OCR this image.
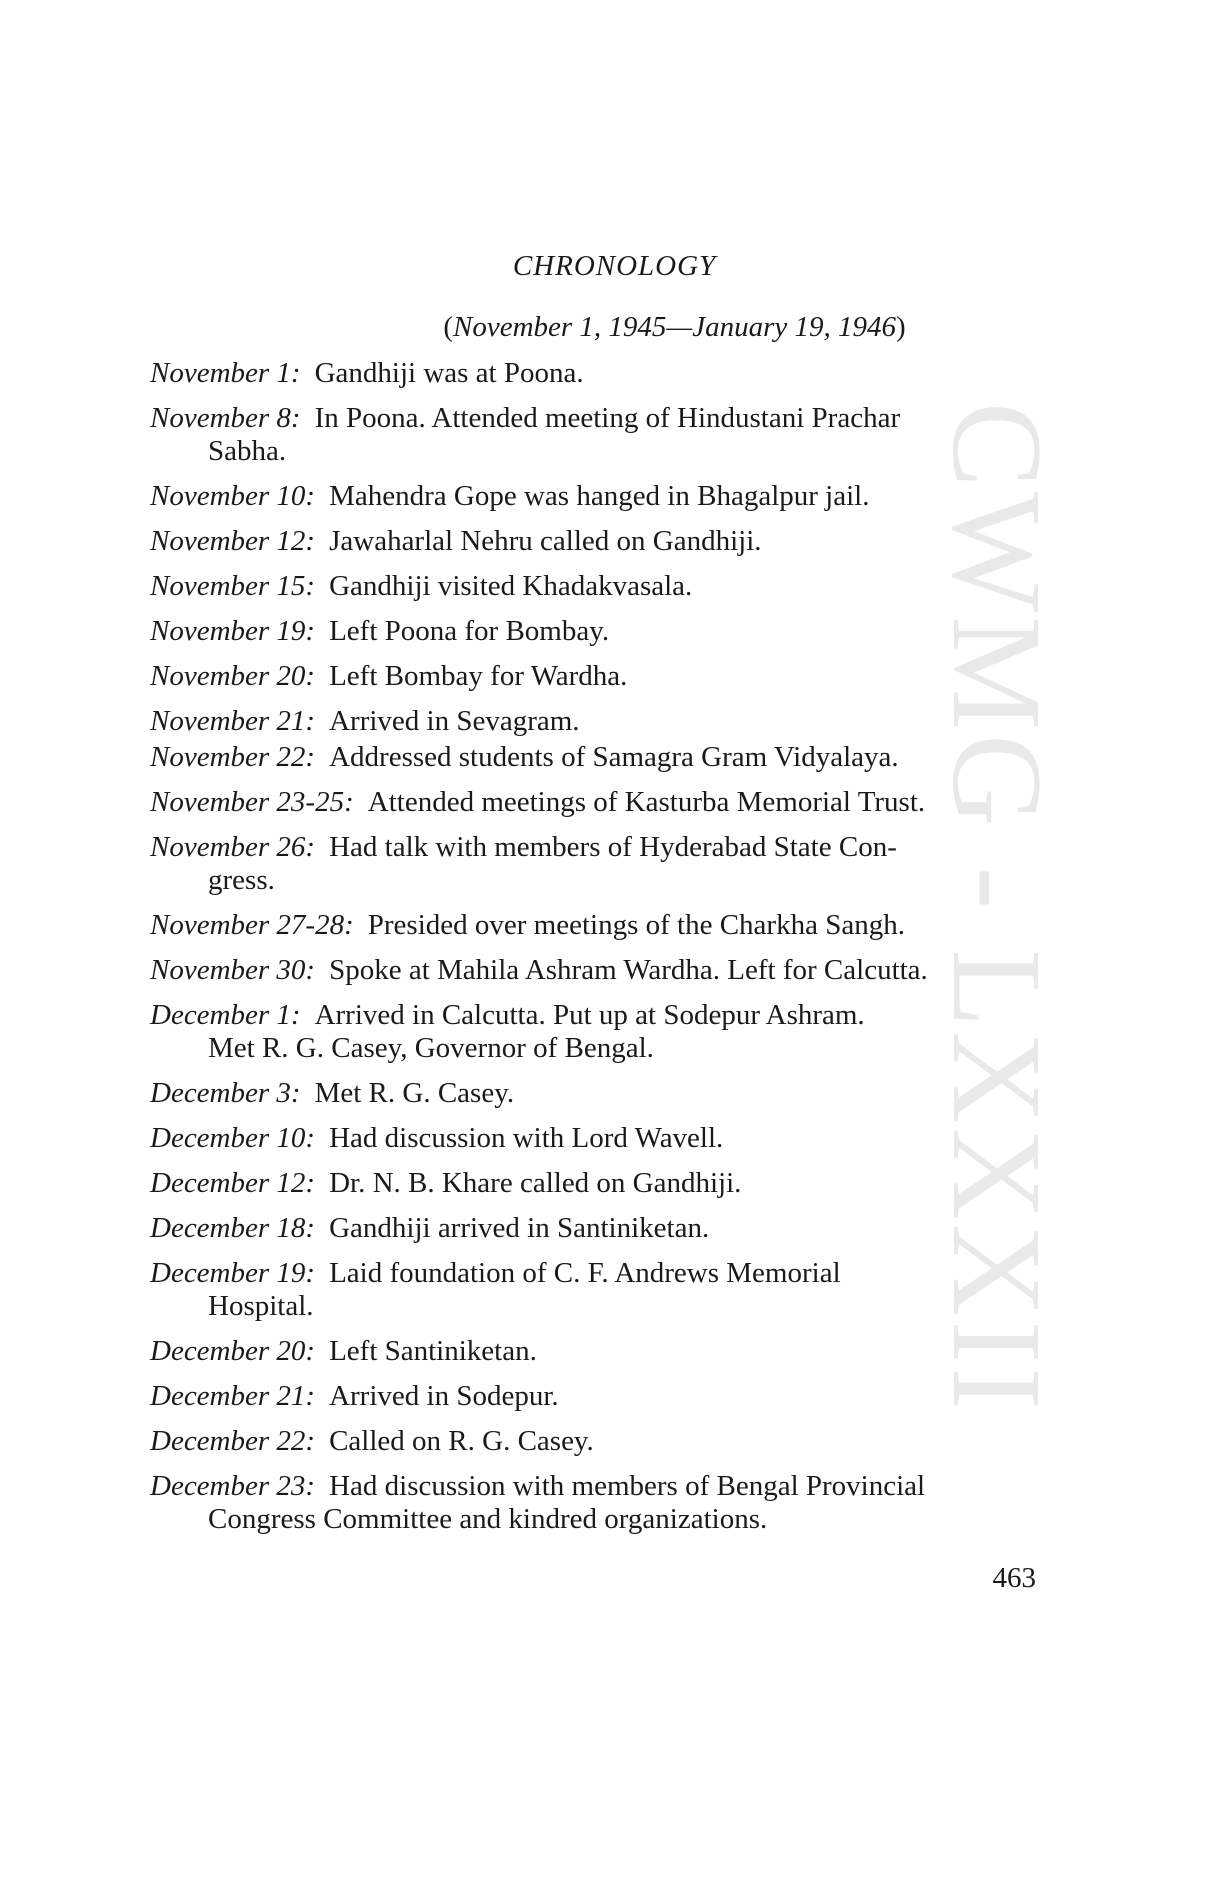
CWMG - LXXXII
CHRONOLOGY
(November 1, 1945—January 19, 1946)
November 1: Gandhiji was at Poona.
November 8: In Poona. Attended meeting of Hindustani Prachar
Sabha.
November 10: Mahendra Gope was hanged in Bhagalpur jail.
November 12: Jawaharlal Nehru called on Gandhiji.
November 15: Gandhiji visited Khadakvasala.
November 19: Left Poona for Bombay.
November 20: Left Bombay for Wardha.
November 21: Arrived in Sevagram.
November 22: Addressed students of Samagra Gram Vidyalaya.
November 23-25: Attended meetings of Kasturba Memorial Trust.
November 26: Had talk with members of Hyderabad State Con-
gress.
November 27-28: Presided over meetings of the Charkha Sangh.
November 30: Spoke at Mahila Ashram Wardha. Left for Calcutta.
December 1: Arrived in Calcutta. Put up at Sodepur Ashram.
Met R. G. Casey, Governor of Bengal.
December 3: Met R. G. Casey.
December 10: Had discussion with Lord Wavell.
December 12: Dr. N. B. Khare called on Gandhiji.
December 18: Gandhiji arrived in Santiniketan.
December 19: Laid foundation of C. F. Andrews Memorial
Hospital.
December 20: Left Santiniketan.
December 21: Arrived in Sodepur.
December 22: Called on R. G. Casey.
December 23: Had discussion with members of Bengal Provincial
Congress Committee and kindred organizations.
463
